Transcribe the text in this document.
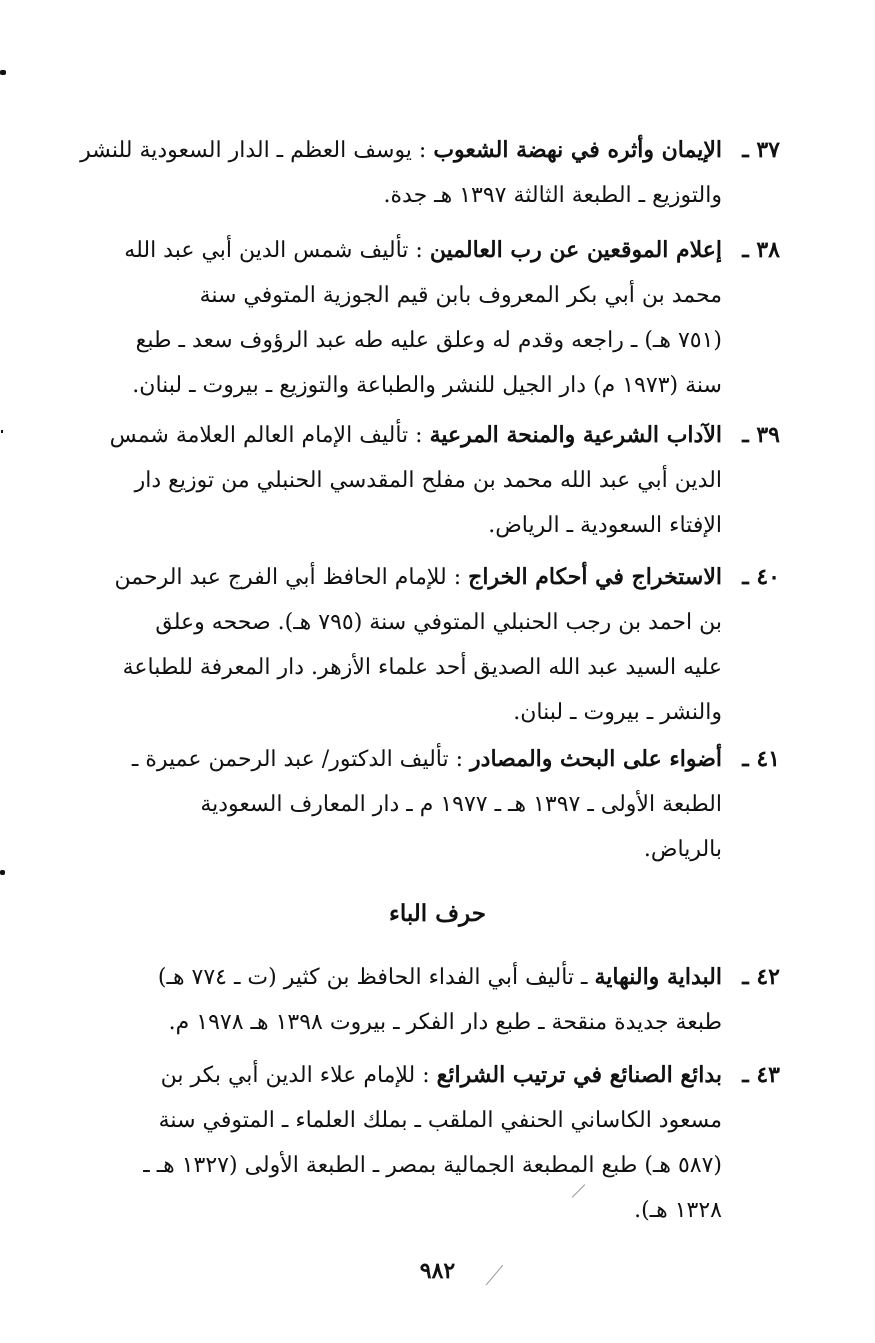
٣٧ ـ
الإيمان وأثره في نهضة الشعوب : يوسف العظم ـ الدار السعودية للنشر
والتوزيع ـ الطبعة الثالثة ١٣٩٧ هـ جدة.
٣٨ ـ
إعلام الموقعين عن رب العالمين : تأليف شمس الدين أبي عبد الله
محمد بن أبي بكر المعروف بابن قيم الجوزية المتوفي سنة
(٧٥١ هـ) ـ راجعه وقدم له وعلق عليه طه عبد الرؤوف سعد ـ طبع
سنة (١٩٧٣ م) دار الجيل للنشر والطباعة والتوزيع ـ بيروت ـ لبنان.
٣٩ ـ
الآداب الشرعية والمنحة المرعية : تأليف الإمام العالم العلامة شمس
الدين أبي عبد الله محمد بن مفلح المقدسي الحنبلي من توزيع دار
الإفتاء السعودية ـ الرياض.
٤٠ ـ
الاستخراج في أحكام الخراج : للإمام الحافظ أبي الفرج عبد الرحمن
بن احمد بن رجب الحنبلي المتوفي سنة (٧٩٥ هـ). صححه وعلق
عليه السيد عبد الله الصديق أحد علماء الأزهر. دار المعرفة للطباعة
والنشر ـ بيروت ـ لبنان.
٤١ ـ
أضواء على البحث والمصادر : تأليف الدكتور/ عبد الرحمن عميرة ـ
الطبعة الأولى ـ ١٣٩٧ هـ ـ ١٩٧٧ م ـ دار المعارف السعودية
بالرياض.
حرف الباء
٤٢ ـ
البداية والنهاية ـ تأليف أبي الفداء الحافظ بن كثير (ت ـ ٧٧٤ هـ)
طبعة جديدة منقحة ـ طبع دار الفكر ـ بيروت ١٣٩٨ هـ ١٩٧٨ م.
٤٣ ـ
بدائع الصنائع في ترتيب الشرائع : للإمام علاء الدين أبي بكر بن
مسعود الكاساني الحنفي الملقب ـ بملك العلماء ـ المتوفي سنة
(٥٨٧ هـ) طبع المطبعة الجمالية بمصر ـ الطبعة الأولى (١٣٢٧ هـ ـ
١٣٢٨ هـ).
٩٨٢
